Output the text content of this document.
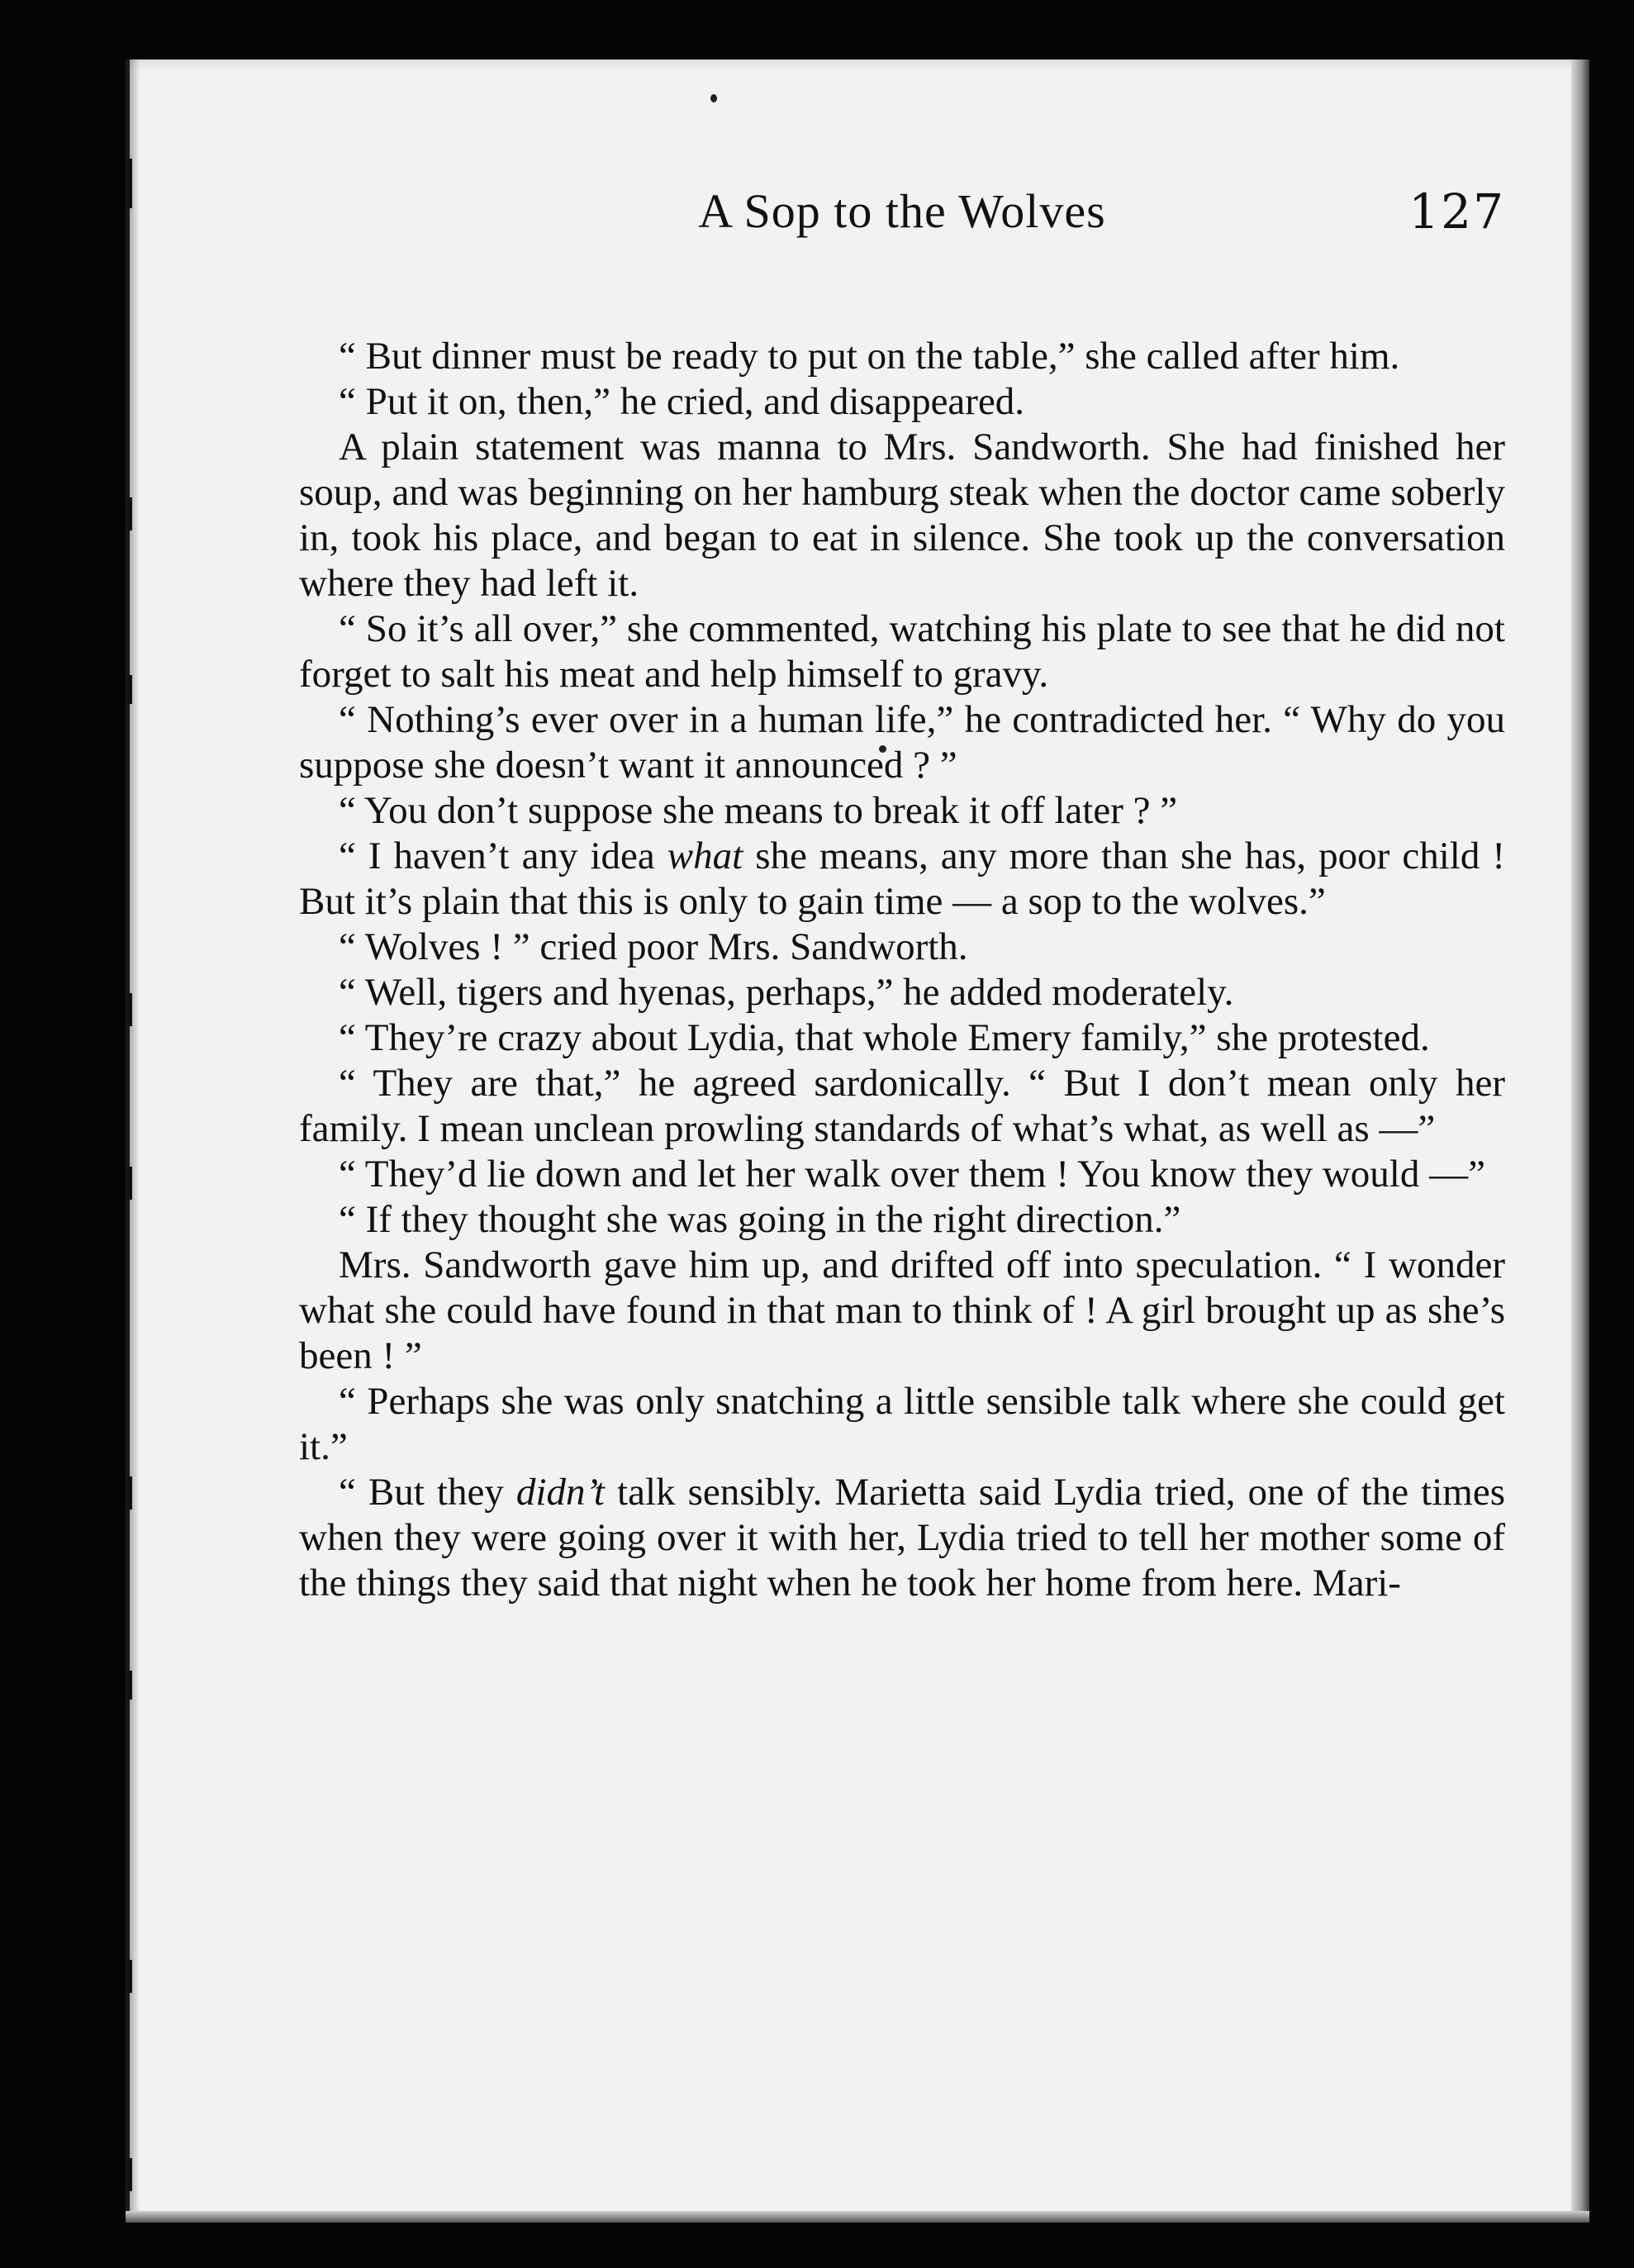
A Sop to the Wolves	127

“ But dinner must be ready to put on the table,” she called after him.

“ Put it on, then,” he cried, and disappeared.

A plain statement was manna to Mrs. Sandworth. She had finished her soup, and was beginning on her hamburg steak when the doctor came soberly in, took his place, and began to eat in silence. She took up the conversation where they had left it.

“ So it’s all over,” she commented, watching his plate to see that he did not forget to salt his meat and help himself to gravy.

“ Nothing’s ever over in a human life,” he contradicted her. “ Why do you suppose she doesn’t want it announced ? ”

“ You don’t suppose she means to break it off later ? ”

“ I haven’t any idea what she means, any more than she has, poor child ! But it’s plain that this is only to gain time — a sop to the wolves.”

“ Wolves ! ” cried poor Mrs. Sandworth.

“ Well, tigers and hyenas, perhaps,” he added moderately.

“ They’re crazy about Lydia, that whole Emery family,” she protested.

“ They are that,” he agreed sardonically. “ But I don’t mean only her family. I mean unclean prowling standards of what’s what, as well as —”

“ They’d lie down and let her walk over them ! You know they would —”

“ If they thought she was going in the right direction.”

Mrs. Sandworth gave him up, and drifted off into speculation. “ I wonder what she could have found in that man to think of ! A girl brought up as she’s been ! ”

“ Perhaps she was only snatching a little sensible talk where she could get it.”

“ But they didn’t talk sensibly. Marietta said Lydia tried, one of the times when they were going over it with her, Lydia tried to tell her mother some of the things they said that night when he took her home from here. Mari-
